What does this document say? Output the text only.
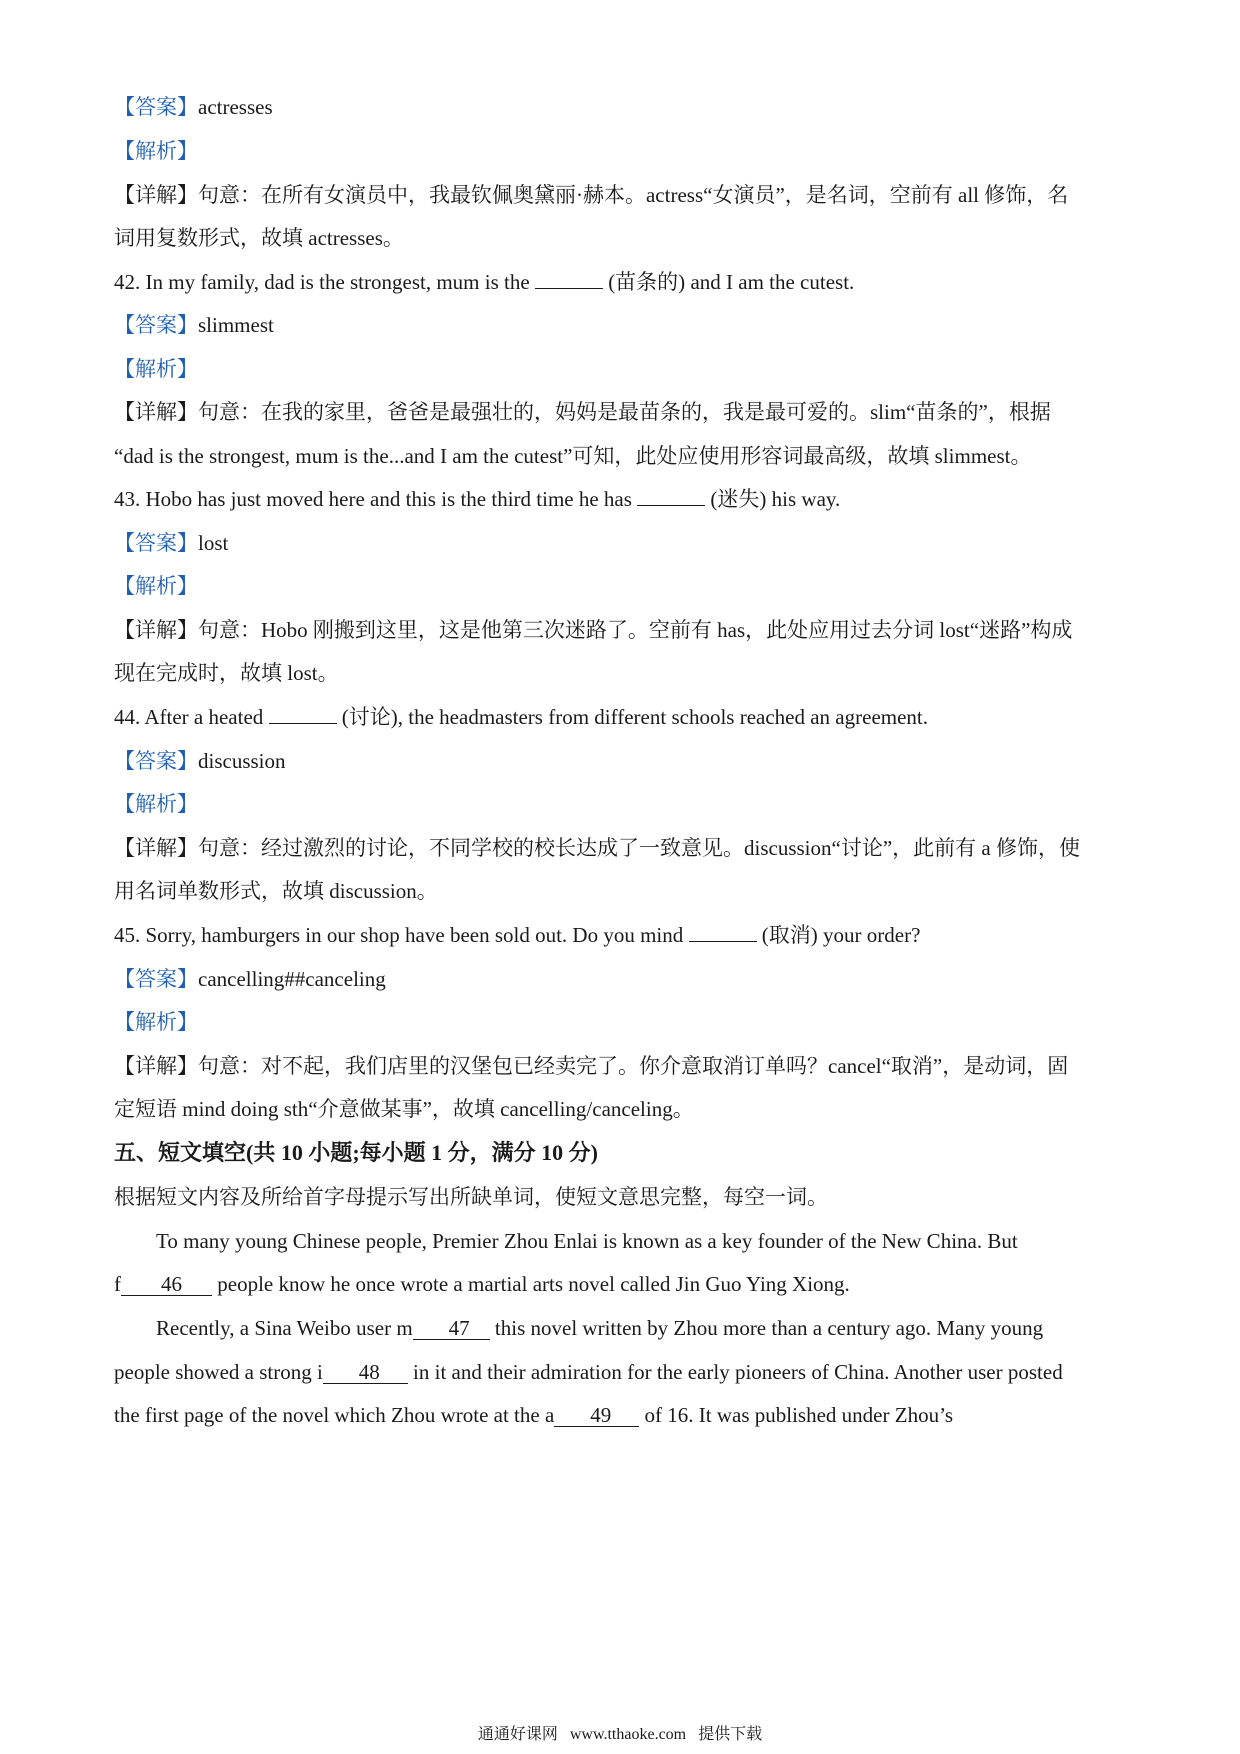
【答案】actresses
【解析】
【详解】句意：在所有女演员中，我最钦佩奥黛丽·赫本。actress“女演员”，是名词，空前有 all 修饰，名
词用复数形式，故填 actresses。
42. In my family, dad is the strongest, mum is the	(苗条的) and I am the cutest.
【答案】slimmest
【解析】
【详解】句意：在我的家里，爸爸是最强壮的，妈妈是最苗条的，我是最可爱的。slim“苗条的”，根据
“dad is the strongest, mum is the...and I am the cutest”可知，此处应使用形容词最高级，故填 slimmest。
43. Hobo has just moved here and this is the third time he has	(迷失) his way.
【答案】lost
【解析】
【详解】句意：Hobo 刚搬到这里，这是他第三次迷路了。空前有 has，此处应用过去分词 lost“迷路”构成
现在完成时，故填 lost。
44. After a heated	(讨论), the headmasters from different schools reached an agreement.
【答案】discussion
【解析】
【详解】句意：经过激烈的讨论，不同学校的校长达成了一致意见。discussion“讨论”，此前有 a 修饰，使
用名词单数形式，故填 discussion。
45. Sorry, hamburgers in our shop have been sold out. Do you mind	(取消) your order?
【答案】cancelling##canceling
【解析】
【详解】句意：对不起，我们店里的汉堡包已经卖完了。你介意取消订单吗？cancel“取消”，是动词，固
定短语 mind doing sth“介意做某事”，故填 cancelling/canceling。
五、短文填空(共 10 小题;每小题 1 分，满分 10 分)
根据短文内容及所给首字母提示写出所缺单词，使短文意思完整，每空一词。
To many young Chinese people, Premier Zhou Enlai is known as a key founder of the New China. But
f 46 people know he once wrote a martial arts novel called Jin Guo Ying Xiong.
Recently, a Sina Weibo user m 47 this novel written by Zhou more than a century ago. Many young
people showed a strong i 48 in it and their admiration for the early pioneers of China. Another user posted
the first page of the novel which Zhou wrote at the a 49 of 16. It was published under Zhou’s
通通好课网 www.tthaoke.com 提供下载
